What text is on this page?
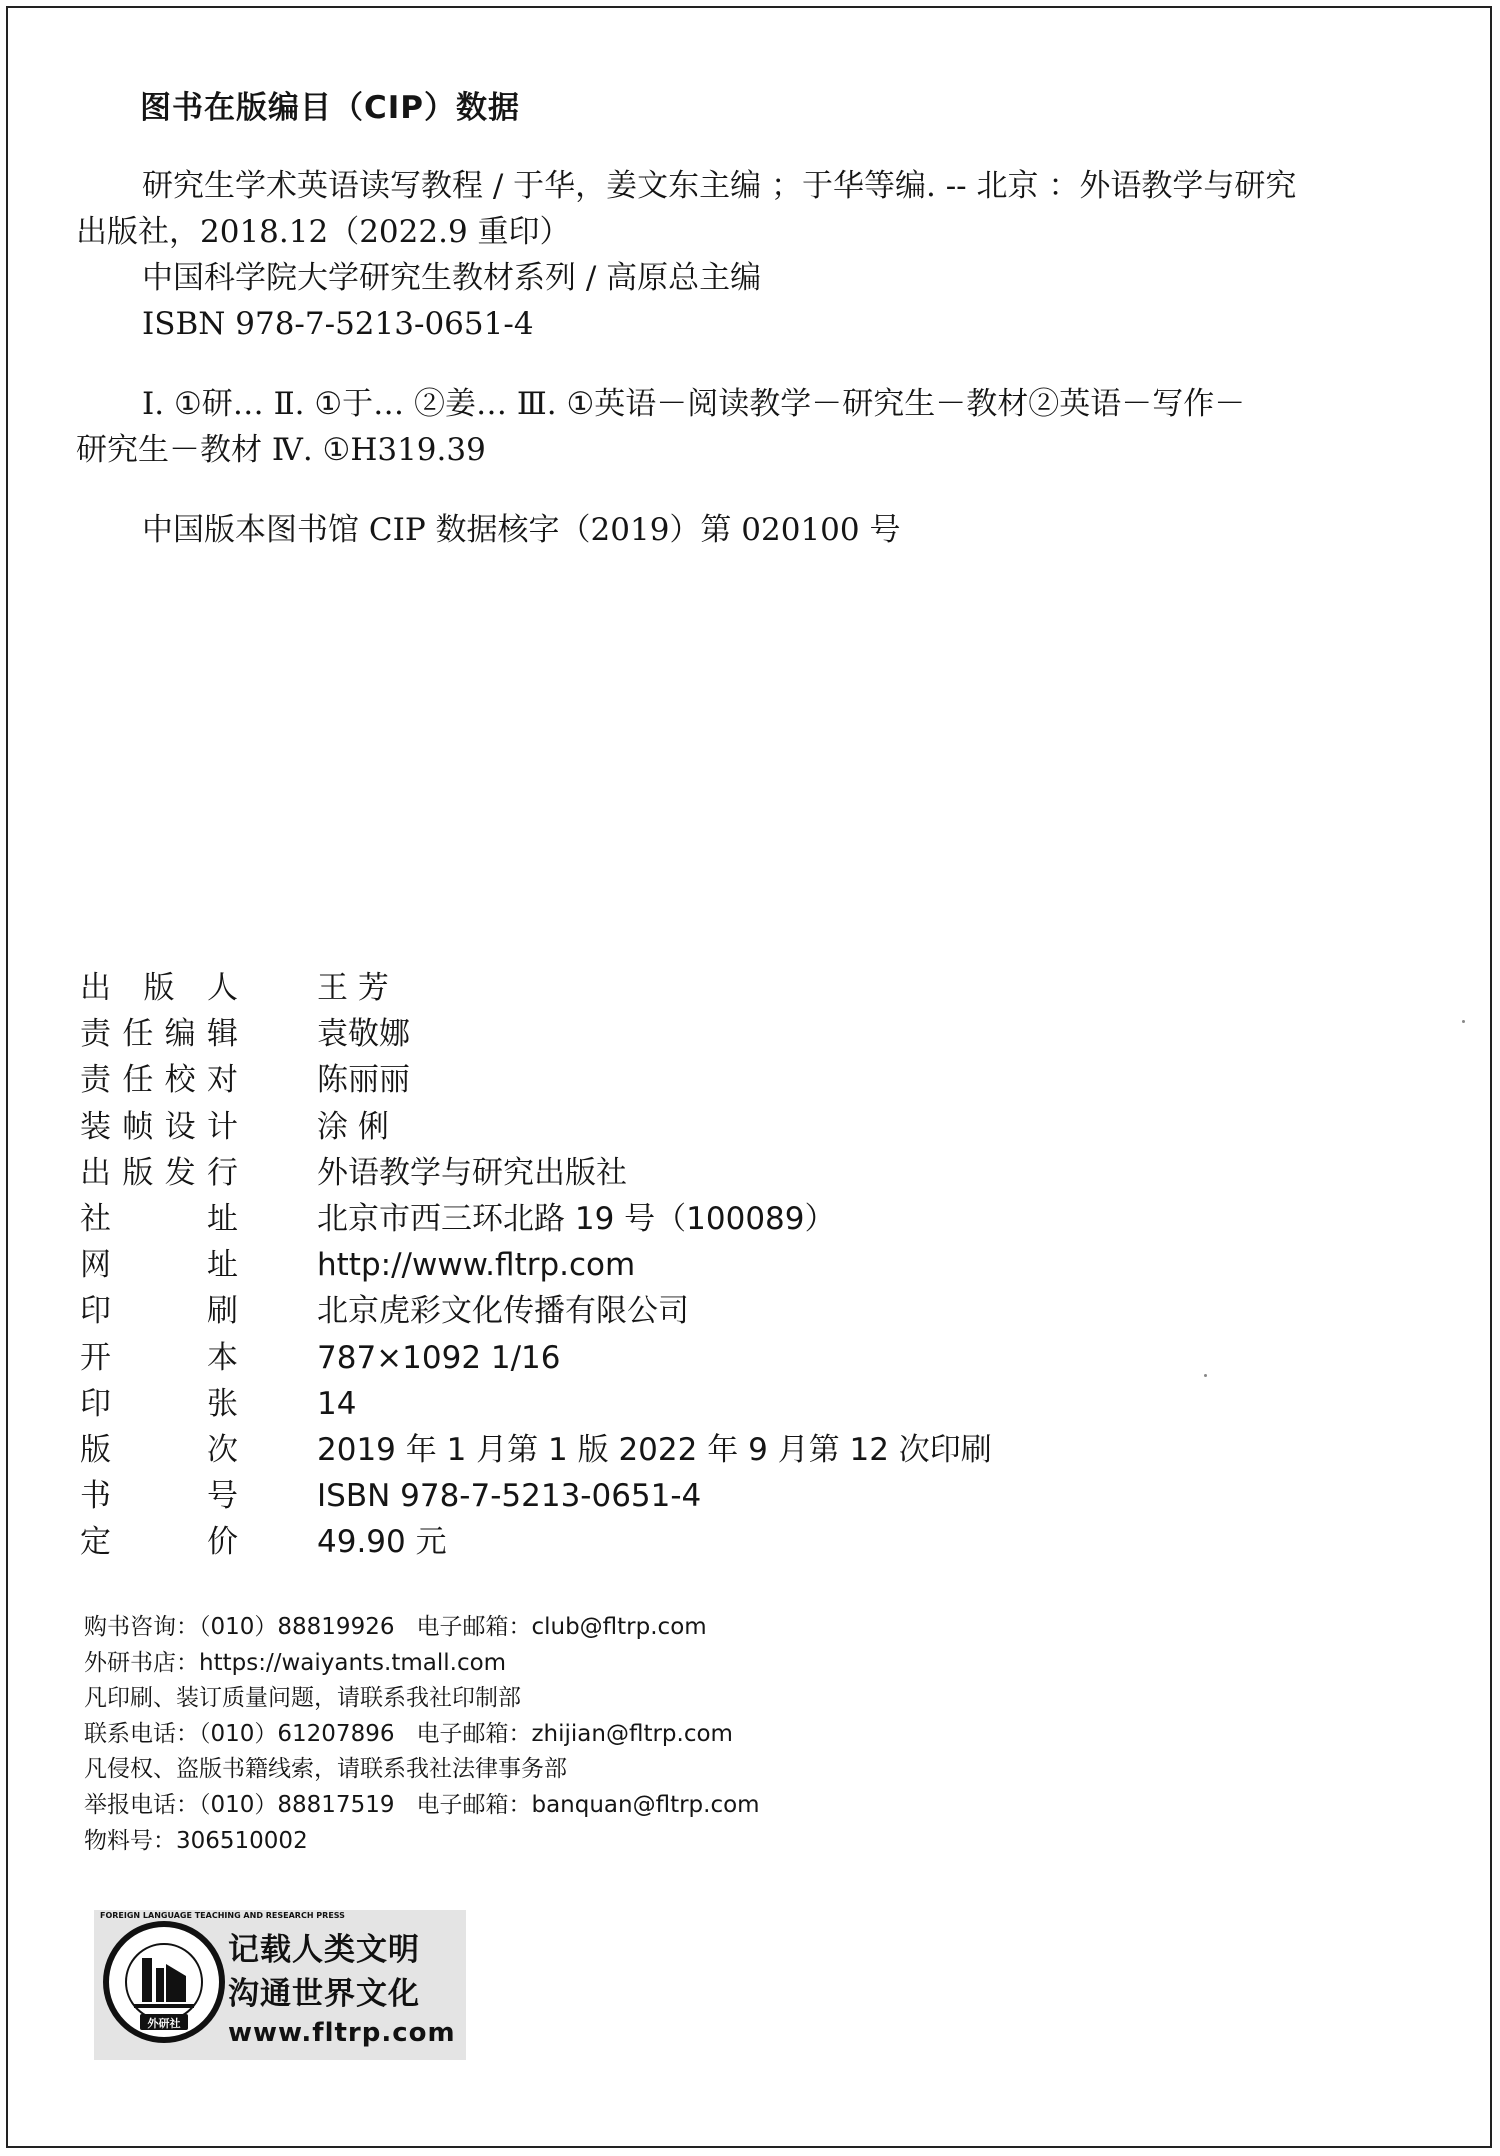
图书在版编目（CIP）数据

研究生学术英语读写教程 / 于华，姜文东主编 ；于华等编. -- 北京 ：外语教学与研究

出版社，2018.12（2022.9 重印）

中国科学院大学研究生教材系列 / 高原总主编

ISBN 978-7-5213-0651-4

Ⅰ. ①研… Ⅱ. ①于… ②姜… Ⅲ. ①英语－阅读教学－研究生－教材②英语－写作－

研究生－教材 Ⅳ. ①H319.39

中国版本图书馆 CIP 数据核字（2019）第 020100 号

出版人	王 芳
责任编辑	袁敬娜
责任校对	陈丽丽
装帧设计	涂 俐
出版发行	外语教学与研究出版社
社址	北京市西三环北路 19 号（100089）
网址	http://www.fltrp.com
印刷	北京虎彩文化传播有限公司
开本	787×1092 1/16
印张	14
版次	2019 年 1 月第 1 版 2022 年 9 月第 12 次印刷
书号	ISBN 978-7-5213-0651-4
定价	49.90 元

购书咨询：（010）88819926 电子邮箱：club@fltrp.com

外研书店：https://waiyants.tmall.com

凡印刷、装订质量问题，请联系我社印制部

联系电话：（010）61207896 电子邮箱：zhijian@fltrp.com

凡侵权、盗版书籍线索，请联系我社法律事务部

举报电话：（010）88817519 电子邮箱：banquan@fltrp.com

物料号：306510002

FOREIGN LANGUAGE TEACHING AND RESEARCH PRESS
外研社

记载人类文明

沟通世界文化

www.fltrp.com
